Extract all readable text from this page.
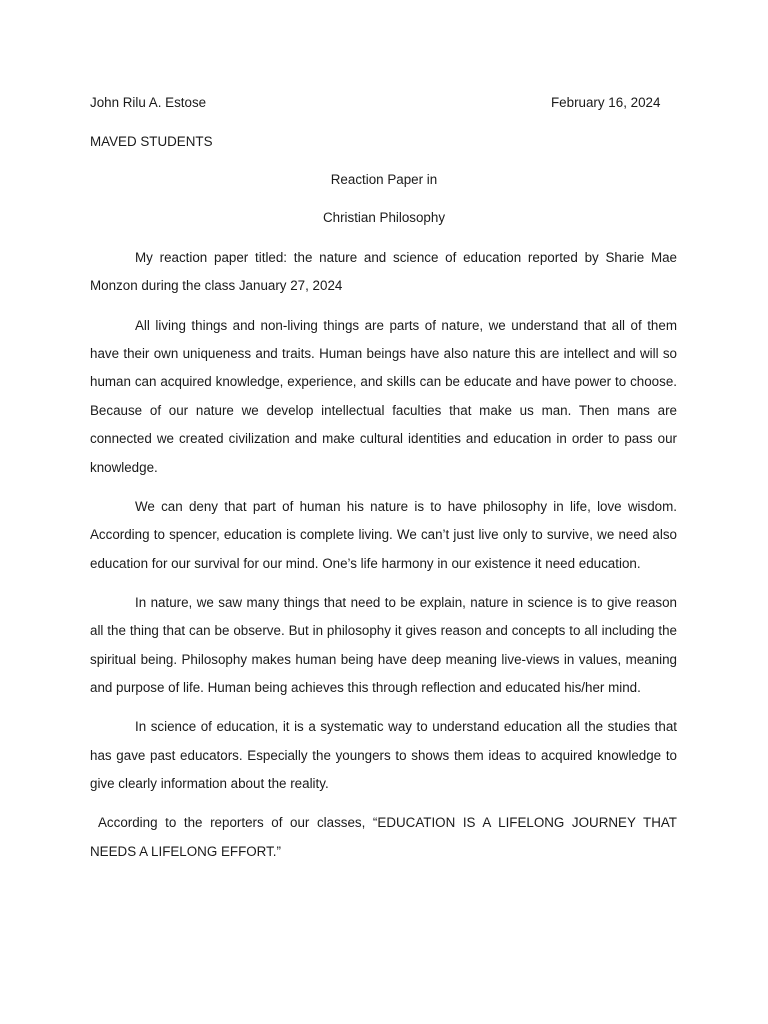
John Rilu A. Estose	February 16, 2024
MAVED STUDENTS
Reaction Paper in
Christian Philosophy

My reaction paper titled: the nature and science of education reported by Sharie Mae Monzon during the class January 27, 2024

All living things and non-living things are parts of nature, we understand that all of them have their own uniqueness and traits. Human beings have also nature this are intellect and will so human can acquired knowledge, experience, and skills can be educate and have power to choose. Because of our nature we develop intellectual faculties that make us man. Then mans are connected we created civilization and make cultural identities and education in order to pass our knowledge.

We can deny that part of human his nature is to have philosophy in life, love wisdom. According to spencer, education is complete living. We can’t just live only to survive, we need also education for our survival for our mind. One’s life harmony in our existence it need education.

In nature, we saw many things that need to be explain, nature in science is to give reason all the thing that can be observe. But in philosophy it gives reason and concepts to all including the spiritual being. Philosophy makes human being have deep meaning live-views in values, meaning and purpose of life. Human being achieves this through reflection and educated his/her mind.

In science of education, it is a systematic way to understand education all the studies that has gave past educators. Especially the youngers to shows them ideas to acquired knowledge to give clearly information about the reality.

According to the reporters of our classes, “EDUCATION IS A LIFELONG JOURNEY THAT NEEDS A LIFELONG EFFORT.”
